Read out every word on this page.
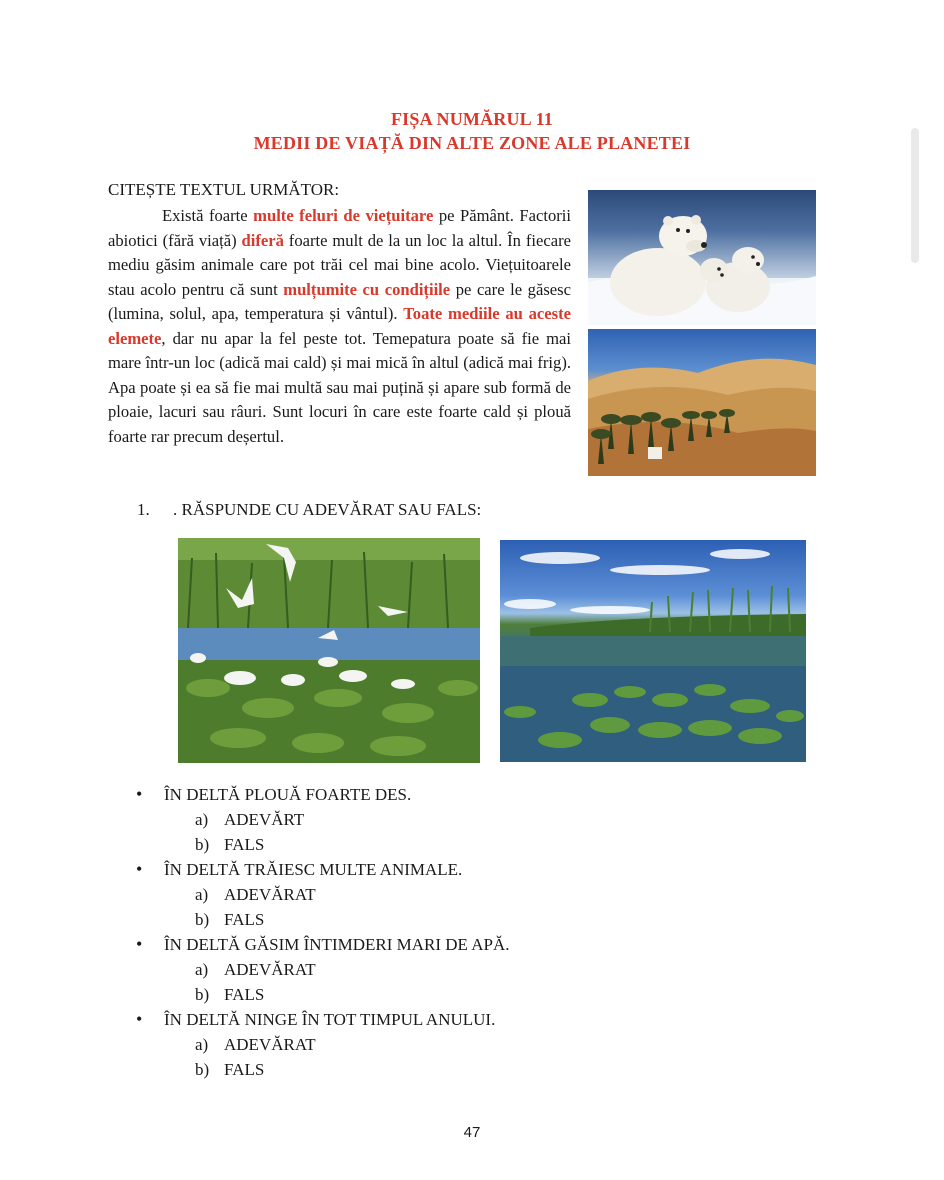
FIȘA NUMĂRUL 11
MEDII DE VIAȚĂ DIN ALTE ZONE ALE PLANETEI
CITEȘTE TEXTUL URMĂTOR:
Există foarte multe feluri de viețuitare pe Pământ. Factorii abiotici (fără viață) diferă foarte mult de la un loc la altul. În fiecare mediu găsim animale care pot trăi cel mai bine acolo. Viețuitoarele stau acolo pentru că sunt mulțumite cu condițiile pe care le găsesc (lumina, solul, apa, temperatura și vântul). Toate mediile au aceste elemete, dar nu apar la fel peste tot. Temepatura poate să fie mai mare într-un loc (adică mai cald) și mai mică în altul (adică mai frig). Apa poate și ea să fie mai multă sau mai puțină și apare sub formă de ploaie, lacuri sau râuri. Sunt locuri în care este foarte cald și plouă foarte rar precum deșertul.
1. . RĂSPUNDE CU ADEVĂRAT SAU FALS:
• ÎN DELTĂ PLOUĂ FOARTE DES.
a) ADEVĂRT
b) FALS
• ÎN DELTĂ TRĂIESC MULTE ANIMALE.
a) ADEVĂRAT
b) FALS
• ÎN DELTĂ GĂSIM ÎNTIMDERI MARI DE APĂ.
a) ADEVĂRAT
b) FALS
• ÎN DELTĂ NINGE ÎN TOT TIMPUL ANULUI.
a) ADEVĂRAT
b) FALS
47
